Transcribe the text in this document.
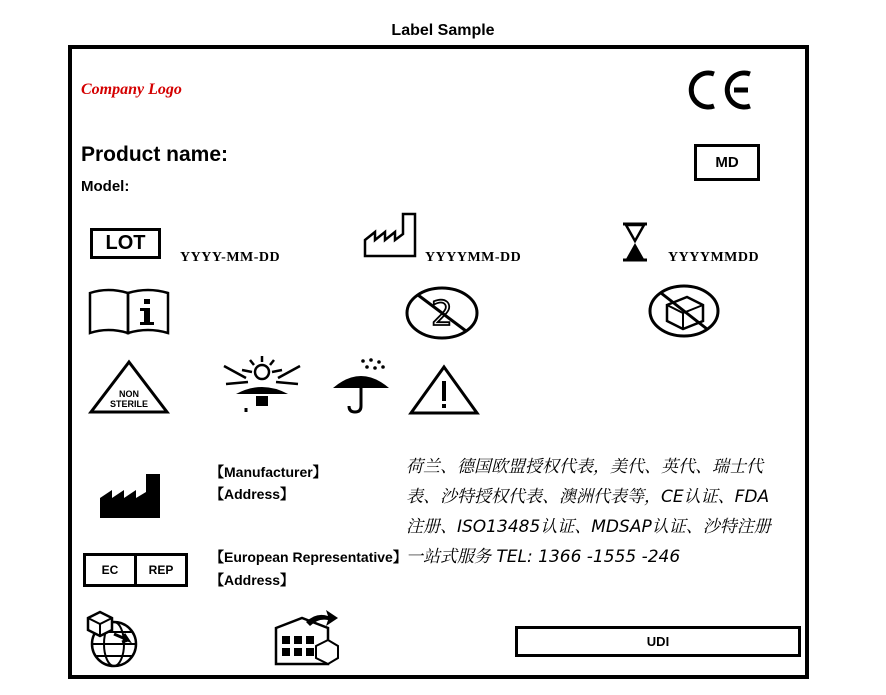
Label Sample
Company Logo
Product name:
Model:
MD
LOT
YYYY-MM-DD	YYYYMM-DD	YYYYMMDD
2
NON
STERILE
【Manufacturer】
【Address】
荷兰、德国欧盟授权代表，美代、英代、瑞士代
表、沙特授权代表、澳洲代表等，CE认证、FDA
注册、ISO13485认证、MDSAP认证、沙特注册
一站式服务 TEL: 1366 -1555 -246
EC	REP
【European Representative】
【Address】
UDI
